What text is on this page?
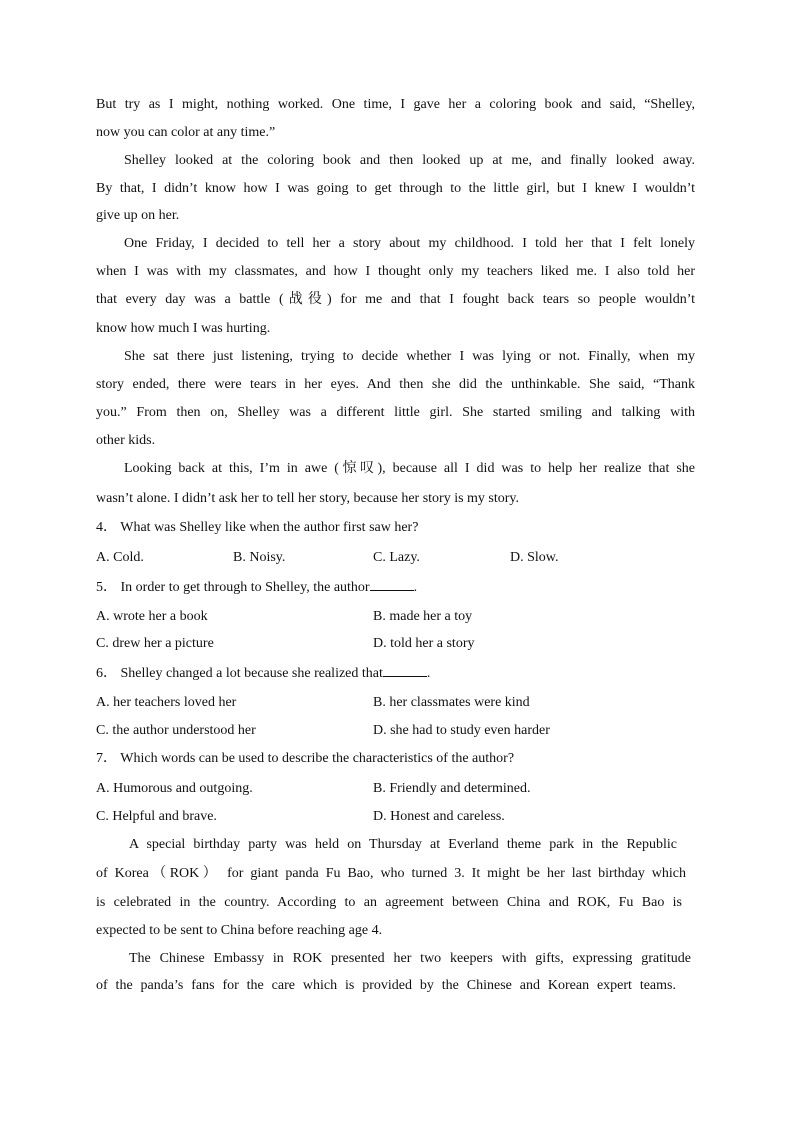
But try as I might, nothing worked. One time, I gave her a coloring book and said, “Shelley,
now you can color at any time.”
Shelley looked at the coloring book and then looked up at me, and finally looked away.
By that, I didn’t know how I was going to get through to the little girl, but I knew I wouldn’t
give up on her.
One Friday, I decided to tell her a story about my childhood. I told her that I felt lonely
when I was with my classmates, and how I thought only my teachers liked me. I also told her
that every day was a battle (战役) for me and that I fought back tears so people wouldn’t
know how much I was hurting.
She sat there just listening, trying to decide whether I was lying or not. Finally, when my
story ended, there were tears in her eyes. And then she did the unthinkable. She said, “Thank
you.” From then on, Shelley was a different little girl. She started smiling and talking with
other kids.
Looking back at this, I’m in awe (惊叹), because all I did was to help her realize that she
wasn’t alone. I didn’t ask her to tell her story, because her story is my story.
4． What was Shelley like when the author first saw her?
A. Cold.	B. Noisy.	C. Lazy.	D. Slow.
5． In order to get through to Shelley, the author	.
A. wrote her a book	B. made her a toy
C. drew her a picture	D. told her a story
6． Shelley changed a lot because she realized that	.
A. her teachers loved her	B. her classmates were kind
C. the author understood her	D. she had to study even harder
7． Which words can be used to describe the characteristics of the author?
A. Humorous and outgoing.	B. Friendly and determined.
C. Helpful and brave.	D. Honest and careless.
A special birthday party was held on Thursday at Everland theme park in the Republic
of Korea（ROK） for giant panda Fu Bao, who turned 3. It might be her last birthday which
is celebrated in the country. According to an agreement between China and ROK, Fu Bao is
expected to be sent to China before reaching age 4.
The Chinese Embassy in ROK presented her two keepers with gifts, expressing gratitude
of the panda’s fans for the care which is provided by the Chinese and Korean expert teams.
